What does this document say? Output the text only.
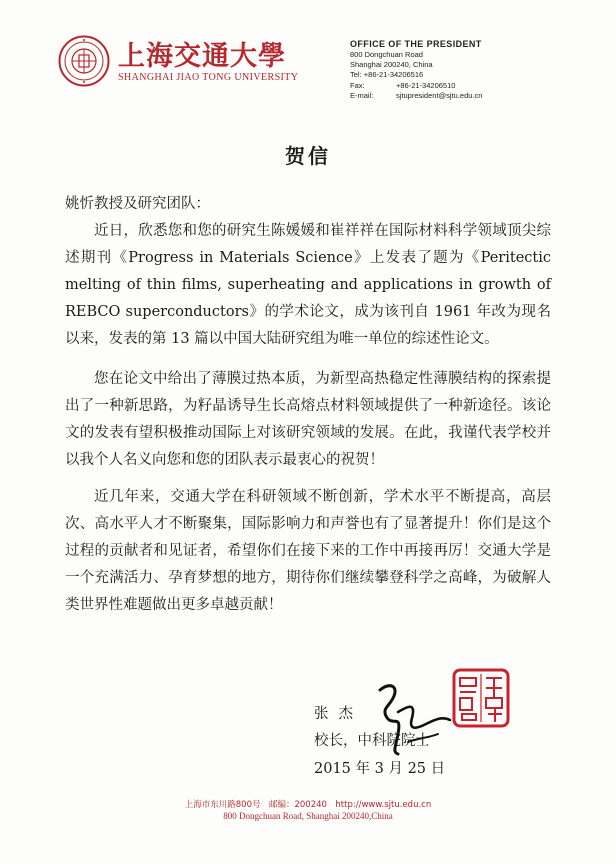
上海交通大學
SHANGHAI JIAO TONG UNIVERSITY
OFFICE OF THE PRESIDENT
800 Dongchuan Road
Shanghai 200240, China
Tel: +86-21-34206516
Fax:	+86-21-34206510
E-mail:	sjtupresident@sjtu.edu.cn
贺信
姚忻教授及研究团队：

近日，欣悉您和您的研究生陈媛媛和崔祥祥在国际材料科学领域顶尖综述期刊《Progress in Materials Science》上发表了题为《Peritectic melting of thin films, superheating and applications in growth of REBCO superconductors》的学术论文，成为该刊自 1961 年改为现名以来，发表的第 13 篇以中国大陆研究组为唯一单位的综述性论文。

您在论文中给出了薄膜过热本质，为新型高热稳定性薄膜结构的探索提出了一种新思路，为籽晶诱导生长高熔点材料领域提供了一种新途径。该论文的发表有望积极推动国际上对该研究领域的发展。在此，我谨代表学校并以我个人名义向您和您的团队表示最衷心的祝贺！

近几年来，交通大学在科研领域不断创新，学术水平不断提高，高层次、高水平人才不断聚集，国际影响力和声誉也有了显著提升！你们是这个过程的贡献者和见证者，希望你们在接下来的工作中再接再厉！交通大学是一个充满活力、孕育梦想的地方，期待你们继续攀登科学之高峰，为破解人类世界性难题做出更多卓越贡献！

张杰
校长，中科院院士
2015 年 3 月 25 日
上海市东川路800号　邮编：200240　http://www.sjtu.edu.cn
800 Dongchuan Road, Shanghai 200240,China
